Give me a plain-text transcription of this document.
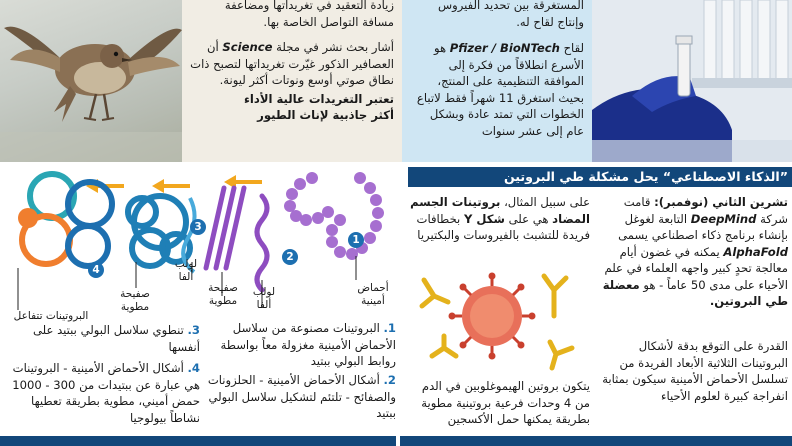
زيادة التعقيد في تغريداتها ومضاعفة
مسافة التواصل الخاصة بها.
أشار بحث نشر في مجلة Science أن العصافير الذكور غيّرت تغريداتها لتصبح ذات نطاق صوتي أوسع ونوتات أكثر ليونة.
تعتبر التغريدات عالية الأداء
أكثر جاذبية لإناث الطيور
المستغرقة بين تحديد الفيروس
وإنتاج لقاح له.
لقاح Pfizer / BioNTech هو الأسرع انطلاقاً من فكرة إلى الموافقة التنظيمية على المنتج، بحيث استغرق 11 شهراً فقط لاتباع الخطوات التي تمتد عادة وبشكل عام إلى عشر سنوات
”الذكاء الاصطناعي“ يحل مشكلة طي البروتين
تشرين الثاني (نوفمبر): قامت شركة DeepMind التابعة لغوغل بإنشاء برنامج ذكاء اصطناعي يسمى AlphaFold يمكنه في غضون أيام معالجة تحدٍ كبير واجهه العلماء في علم الأحياء على مدى 50 عاماً - هو معضلة طي البروتين.
القدرة على التوقع بدقة لأشكال البروتينات الثلاثية الأبعاد الفريدة من تسلسل الأحماض الأمينية سيكون بمثابة انفراجة كبيرة لعلوم الأحياء
على سبيل المثال، بروتينات الجسم المضاد هي على شكل Y بخطافات فريدة للتشبث بالفيروسات والبكتيريا
يتكون بروتين الهيموغلوبين في الدم من 4 وحدات فرعية بروتينية مطوية بطريقة يمكنها حمل الأكسجين
1
2
3
4
أحماض أمينية
لولب ألفا
صفيحة مطوية
لولب ألفا
صفيحة مطوية
البروتينات تتفاعل
1. البروتينات مصنوعة من سلاسل الأحماض الأمينية مغزولة معاً بواسطة روابط البولي ببتيد
2. أشكال الأحماض الأمينية - الحلزونات والصفائح - تلتئم لتشكيل سلاسل البولي ببتيد
3. تنطوي سلاسل البولي ببتيد على أنفسها
4. أشكال الأحماض الأمينية - البروتينات هي عبارة عن ببتيدات من 300 - 1000 حمض أميني، مطوية بطريقة تعطيها نشاطاً بيولوجيا
